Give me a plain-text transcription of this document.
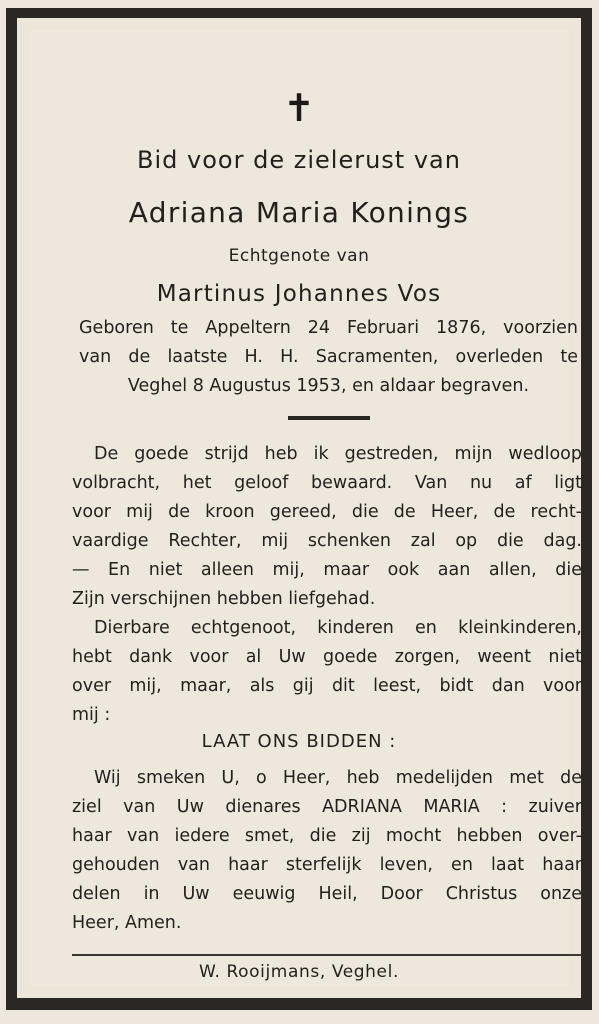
✝
Bid voor de zielerust van
Adriana Maria Konings
Echtgenote van
Martinus Johannes Vos

Geboren te Appeltern 24 Februari 1876, voorzien

van de laatste H. H. Sacramenten, overleden te

Veghel 8 Augustus 1953, en aldaar begraven.

De goede strijd heb ik gestreden, mijn wedloop

volbracht, het geloof bewaard. Van nu af ligt

voor mij de kroon gereed, die de Heer, de recht-

vaardige Rechter, mij schenken zal op die dag.

— En niet alleen mij, maar ook aan allen, die

Zijn verschijnen hebben liefgehad.

Dierbare echtgenoot, kinderen en kleinkinderen,

hebt dank voor al Uw goede zorgen, weent niet

over mij, maar, als gij dit leest, bidt dan voor

mij :

LAAT ONS BIDDEN :

Wij smeken U, o Heer, heb medelijden met de

ziel van Uw dienares ADRIANA MARIA : zuiver

haar van iedere smet, die zij mocht hebben over-

gehouden van haar sterfelijk leven, en laat haar

delen in Uw eeuwig Heil, Door Christus onze

Heer, Amen.

W. Rooijmans, Veghel.
